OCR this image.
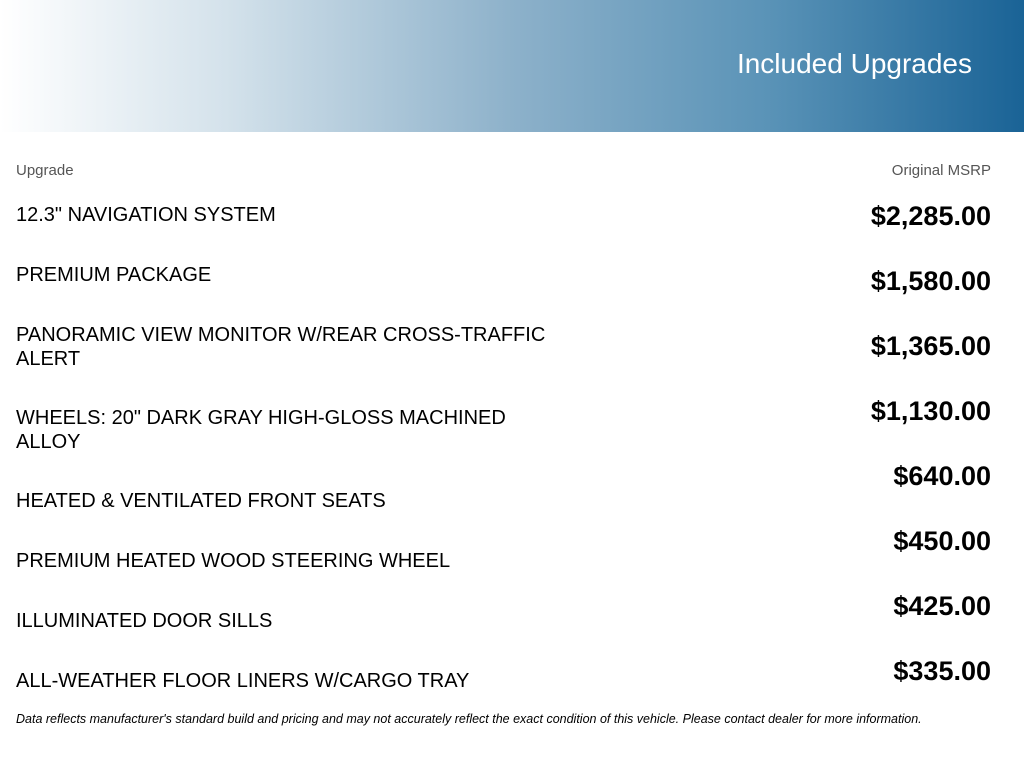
Included Upgrades
Upgrade	Original MSRP
12.3" NAVIGATION SYSTEM
PREMIUM PACKAGE
PANORAMIC VIEW MONITOR W/REAR CROSS-TRAFFIC ALERT
WHEELS: 20" DARK GRAY HIGH-GLOSS MACHINED ALLOY
HEATED & VENTILATED FRONT SEATS
PREMIUM HEATED WOOD STEERING WHEEL
ILLUMINATED DOOR SILLS
ALL-WEATHER FLOOR LINERS W/CARGO TRAY
$2,285.00
$1,580.00
$1,365.00
$1,130.00
$640.00
$450.00
$425.00
$335.00
Data reflects manufacturer's standard build and pricing and may not accurately reflect the exact condition of this vehicle. Please contact dealer for more information.
